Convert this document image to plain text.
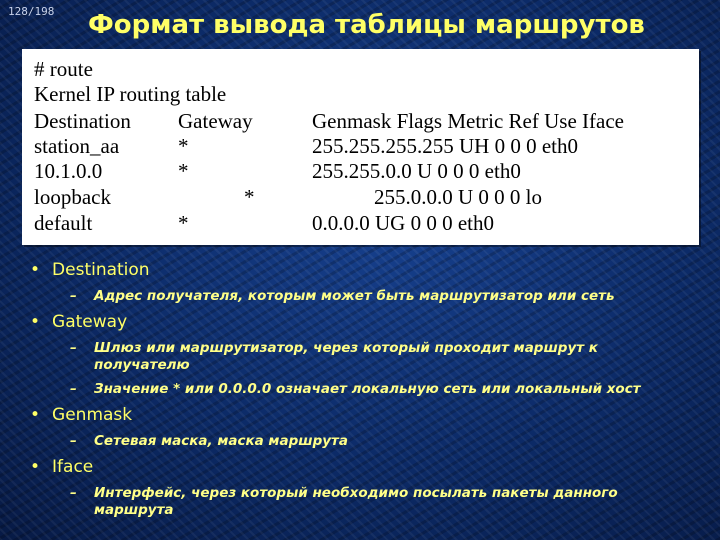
128/198 Формат вывода таблицы маршрутов
# route
Kernel IP routing table
Destination Gateway	Genmask Flags Metric Ref Use Iface
station_aa	*	255.255.255.255 UH 0 0 0 eth0
10.1.0.0	*	255.255.0.0 U 0 0 0 eth0
loopback	*	255.0.0.0 U 0 0 0 lo
default	*	0.0.0.0 UG 0 0 0 eth0
• Destination
– Адрес получателя, которым может быть маршрутизатор или сеть
• Gateway
– Шлюз или маршрутизатор, через который проходит маршрут к получателю
– Значение * или 0.0.0.0 означает локальную сеть или локальный хост
• Genmask
– Сетевая маска, маска маршрута
• Iface
– Интерфейс, через который необходимо посылать пакеты данного маршрута
